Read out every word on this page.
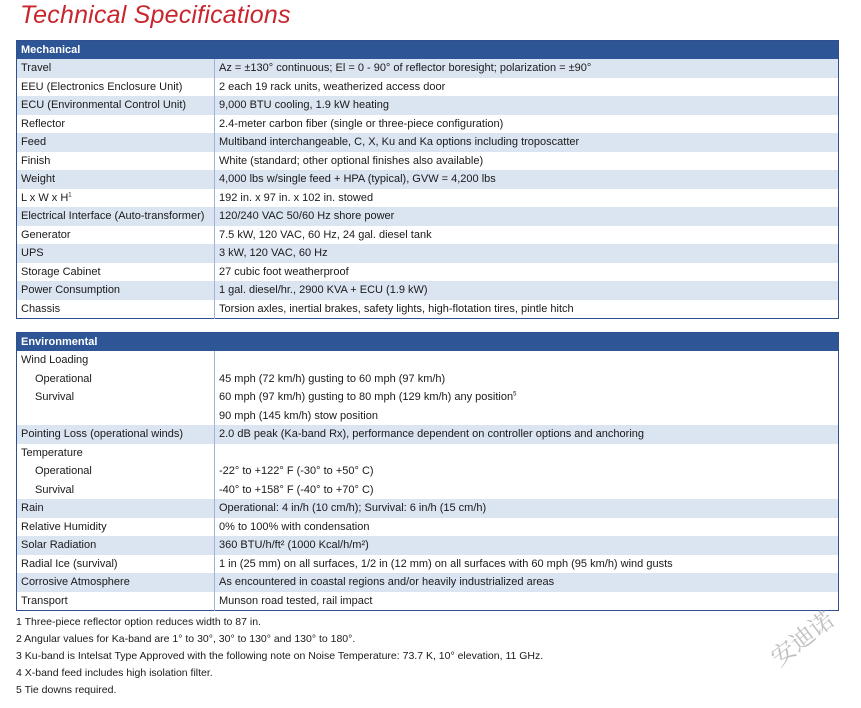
Technical Specifications
Mechanical	
Travel	Az = ±130° continuous; El = 0 - 90° of reflector boresight; polarization = ±90°
EEU (Electronics Enclosure Unit)	2 each 19 rack units, weatherized access door
ECU (Environmental Control Unit)	9,000 BTU cooling, 1.9 kW heating
Reflector	2.4-meter carbon fiber (single or three-piece configuration)
Feed	Multiband interchangeable, C, X, Ku and Ka options including troposcatter
Finish	White (standard; other optional finishes also available)
Weight	4,000 lbs w/single feed + HPA (typical), GVW = 4,200 lbs
L x W x $H^1$	192 in. x 97 in. x 102 in. stowed
Electrical Interface (Auto-transformer)	120/240 VAC 50/60 Hz shore power
Generator	7.5 kW, 120 VAC, 60 Hz, 24 gal. diesel tank
UPS	3 kW, 120 VAC, 60 Hz
Storage Cabinet	27 cubic foot weatherproof
Power Consumption	1 gal. diesel/hr., 2900 KVA + ECU (1.9 kW)
Chassis	Torsion axles, inertial brakes, safety lights, high-flotation tires, pintle hitch
Environmental	
Wind Loading	
Operational	45 mph (72 km/h) gusting to 60 mph (97 km/h)
Survival	60 mph (97 km/h) gusting to 80 mph (129 km/h) any position$^5$
	90 mph (145 km/h) stow position
Pointing Loss (operational winds)	2.0 dB peak (Ka-band Rx), performance dependent on controller options and anchoring
Temperature	
Operational	-22° to +122° F (-30° to +50° C)
Survival	-40° to +158° F (-40° to +70° C)
Rain	Operational: 4 in/h (10 cm/h); Survival: 6 in/h (15 cm/h)
Relative Humidity	0% to 100% with condensation
Solar Radiation	360 BTU/h/ft² (1000 Kcal/h/m²)
Radial Ice (survival)	1 in (25 mm) on all surfaces, 1/2 in (12 mm) on all surfaces with 60 mph (95 km/h) wind gusts
Corrosive Atmosphere	As encountered in coastal regions and/or heavily industrialized areas
Transport	Munson road tested, rail impact
1 Three-piece reflector option reduces width to 87 in.
2 Angular values for Ka-band are 1° to 30°, 30° to 130° and 130° to 180°.
3 Ku-band is Intelsat Type Approved with the following note on Noise Temperature: 73.7 K, 10° elevation, 11 GHz.
4 X-band feed includes high isolation filter.
5 Tie downs required.
安迪诺
